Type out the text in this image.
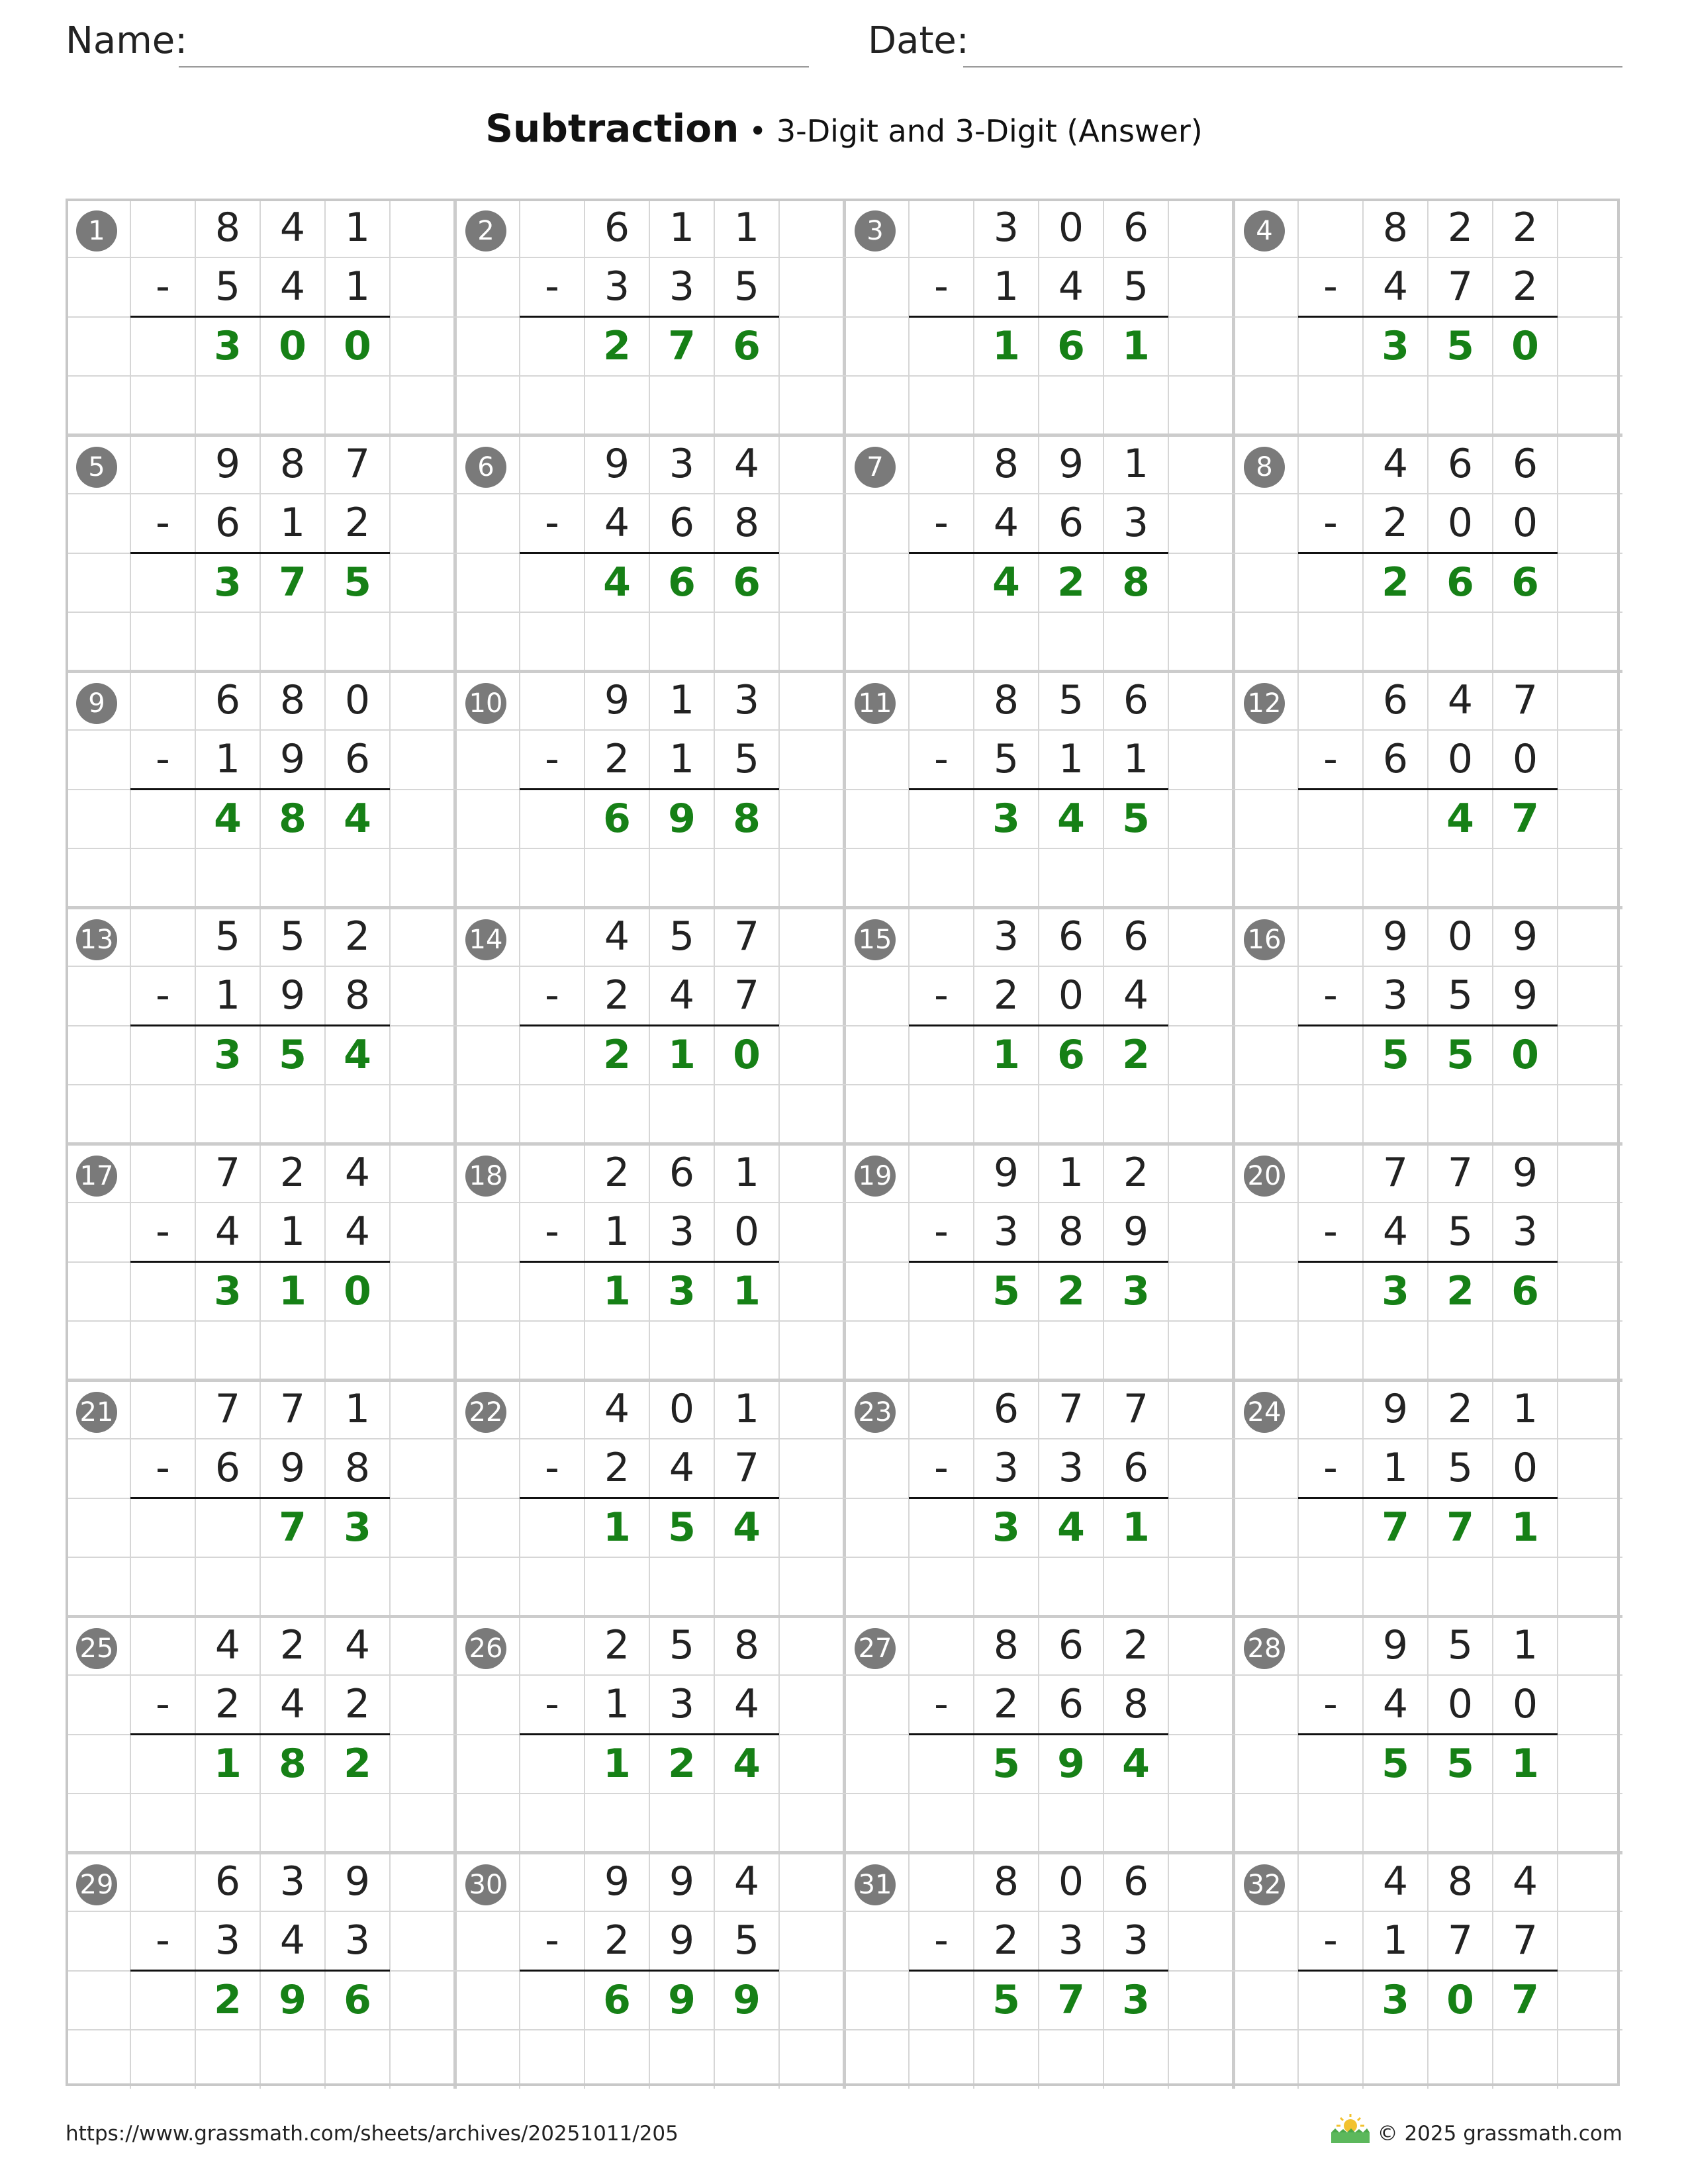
Name:	Date:
Subtraction • 3-Digit and 3-Digit (Answer)
1	8 4 1
-	5 4 1
3 0 0
2	6 1 1
-	3 3 5
2 7 6
3	3 0 6
-	1 4 5
1 6 1
4	8 2 2
-	4 7 2
3 5 0
5	9 8 7
-	6 1 2
3 7 5
6	9 3 4
-	4 6 8
4 6 6
7	8 9 1
-	4 6 3
4 2 8
8	4 6 6
-	2 0 0
2 6 6
9	6 8 0
-	1 9 6
4 8 4
10	9 1 3
-	2 1 5
6 9 8
11	8 5 6
-	5 1 1
3 4 5
12	6 4 7
-	6 0 0
4 7
13	5 5 2
-	1 9 8
3 5 4
14	4 5 7
-	2 4 7
2 1 0
15	3 6 6
-	2 0 4
1 6 2
16	9 0 9
-	3 5 9
5 5 0
17	7 2 4
-	4 1 4
3 1 0
18	2 6 1
-	1 3 0
1 3 1
19	9 1 2
-	3 8 9
5 2 3
20	7 7 9
-	4 5 3
3 2 6
21	7 7 1
-	6 9 8
7 3
22	4 0 1
-	2 4 7
1 5 4
23	6 7 7
-	3 3 6
3 4 1
24	9 2 1
-	1 5 0
7 7 1
25	4 2 4
-	2 4 2
1 8 2
26	2 5 8
-	1 3 4
1 2 4
27	8 6 2
-	2 6 8
5 9 4
28	9 5 1
-	4 0 0
5 5 1
29	6 3 9
-	3 4 3
2 9 6
30	9 9 4
-	2 9 5
6 9 9
31	8 0 6
-	2 3 3
5 7 3
32	4 8 4
-	1 7 7
3 0 7
https://www.grassmath.com/sheets/archives/20251011/205	© 2025 grassmath.com
